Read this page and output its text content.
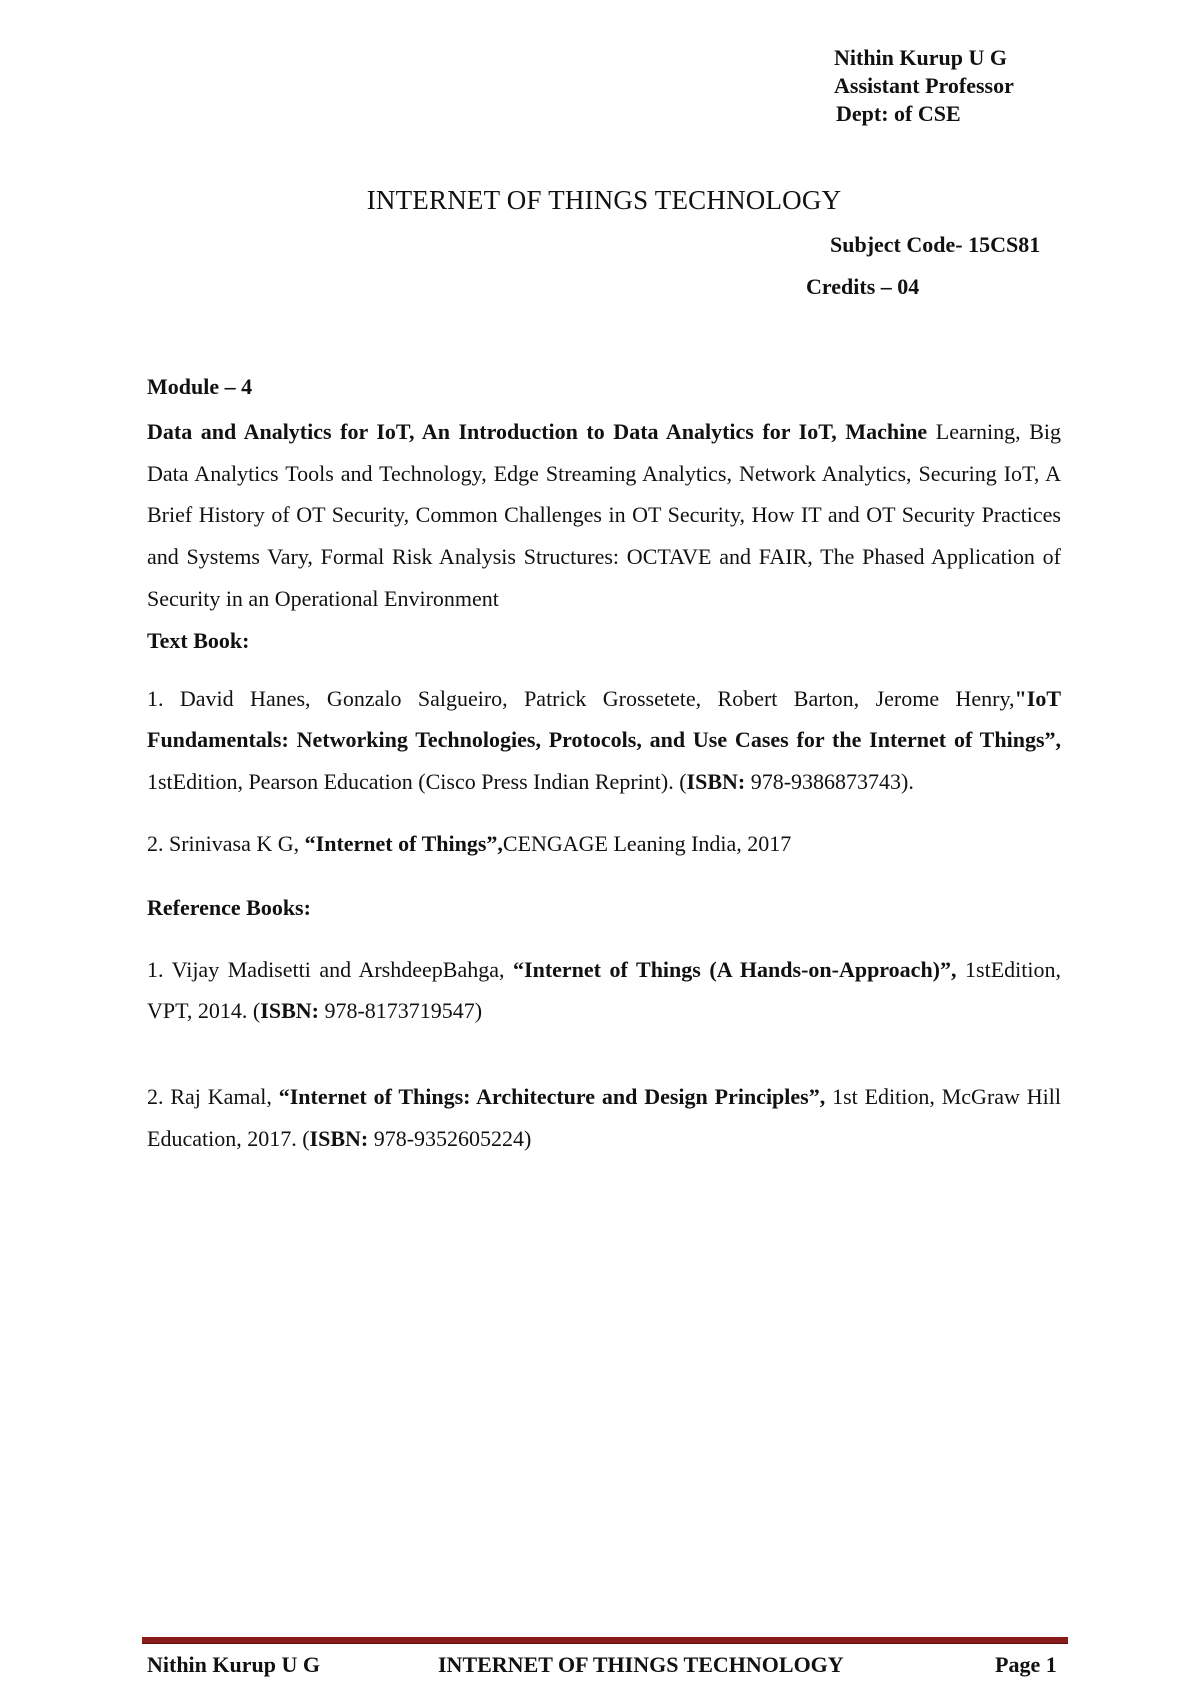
Nithin Kurup U G
Assistant Professor
Dept: of CSE
INTERNET OF THINGS TECHNOLOGY
Subject Code- 15CS81
Credits – 04

Module – 4

Data and Analytics for IoT, An Introduction to Data Analytics for IoT, Machine Learning, Big Data Analytics Tools and Technology, Edge Streaming Analytics, Network Analytics, Securing IoT, A Brief History of OT Security, Common Challenges in OT Security, How IT and OT Security Practices and Systems Vary, Formal Risk Analysis Structures: OCTAVE and FAIR, The Phased Application of Security in an Operational Environment

Text Book:

1. David Hanes, Gonzalo Salgueiro, Patrick Grossetete, Robert Barton, Jerome Henry,"IoT Fundamentals: Networking Technologies, Protocols, and Use Cases for the Internet of Things”, 1stEdition, Pearson Education (Cisco Press Indian Reprint). (ISBN: 978-9386873743).

2. Srinivasa K G, “Internet of Things”,CENGAGE Leaning India, 2017

Reference Books:

1. Vijay Madisetti and ArshdeepBahga, “Internet of Things (A Hands-on-Approach)”, 1stEdition, VPT, 2014. (ISBN: 978-8173719547)

2. Raj Kamal, “Internet of Things: Architecture and Design Principles”, 1st Edition, McGraw Hill Education, 2017. (ISBN: 978-9352605224)

Nithin Kurup U G	INTERNET OF THINGS TECHNOLOGY	Page 1
